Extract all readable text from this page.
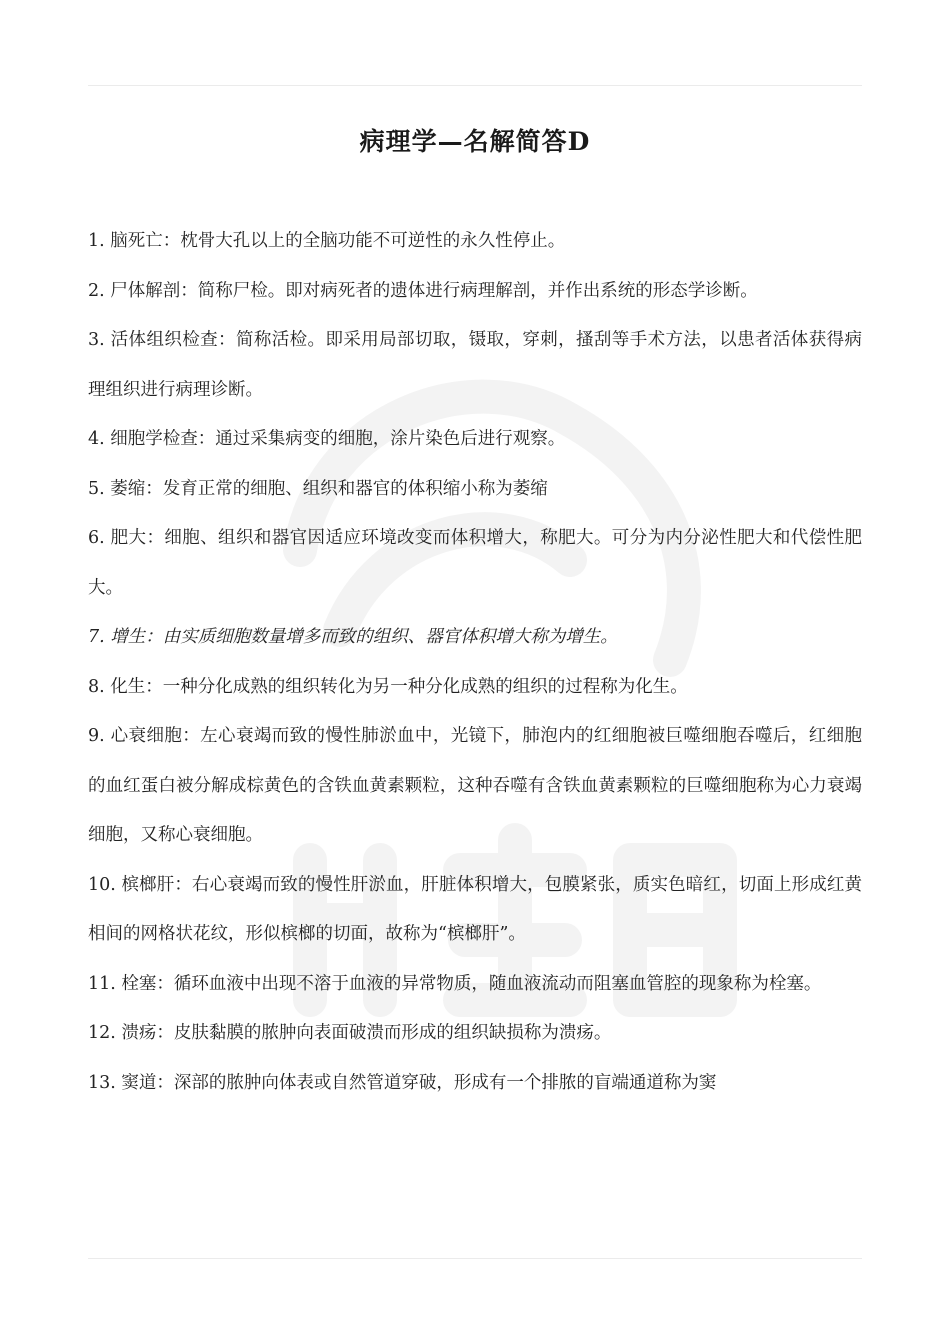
病理学—名解简答D

1. 脑死亡：枕骨大孔以上的全脑功能不可逆性的永久性停止。

2. 尸体解剖：简称尸检。即对病死者的遗体进行病理解剖，并作出系统的形态学诊断。

3. 活体组织检查：简称活检。即采用局部切取，镊取，穿刺，搔刮等手术方法，以患者活体获得病理组织进行病理诊断。

4. 细胞学检查：通过采集病变的细胞，涂片染色后进行观察。

5. 萎缩：发育正常的细胞、组织和器官的体积缩小称为萎缩

6. 肥大：细胞、组织和器官因适应环境改变而体积增大，称肥大。可分为内分泌性肥大和代偿性肥大。

7. 增生：由实质细胞数量增多而致的组织、器官体积增大称为增生。

8. 化生：一种分化成熟的组织转化为另一种分化成熟的组织的过程称为化生。

9. 心衰细胞：左心衰竭而致的慢性肺淤血中，光镜下，肺泡内的红细胞被巨噬细胞吞噬后，红细胞的血红蛋白被分解成棕黄色的含铁血黄素颗粒，这种吞噬有含铁血黄素颗粒的巨噬细胞称为心力衰竭细胞，又称心衰细胞。

10. 槟榔肝：右心衰竭而致的慢性肝淤血，肝脏体积增大，包膜紧张，质实色暗红，切面上形成红黄相间的网格状花纹，形似槟榔的切面，故称为“槟榔肝”。

11. 栓塞：循环血液中出现不溶于血液的异常物质，随血液流动而阻塞血管腔的现象称为栓塞。

12. 溃疡：皮肤黏膜的脓肿向表面破溃而形成的组织缺损称为溃疡。

13. 窦道：深部的脓肿向体表或自然管道穿破，形成有一个排脓的盲端通道称为窦
